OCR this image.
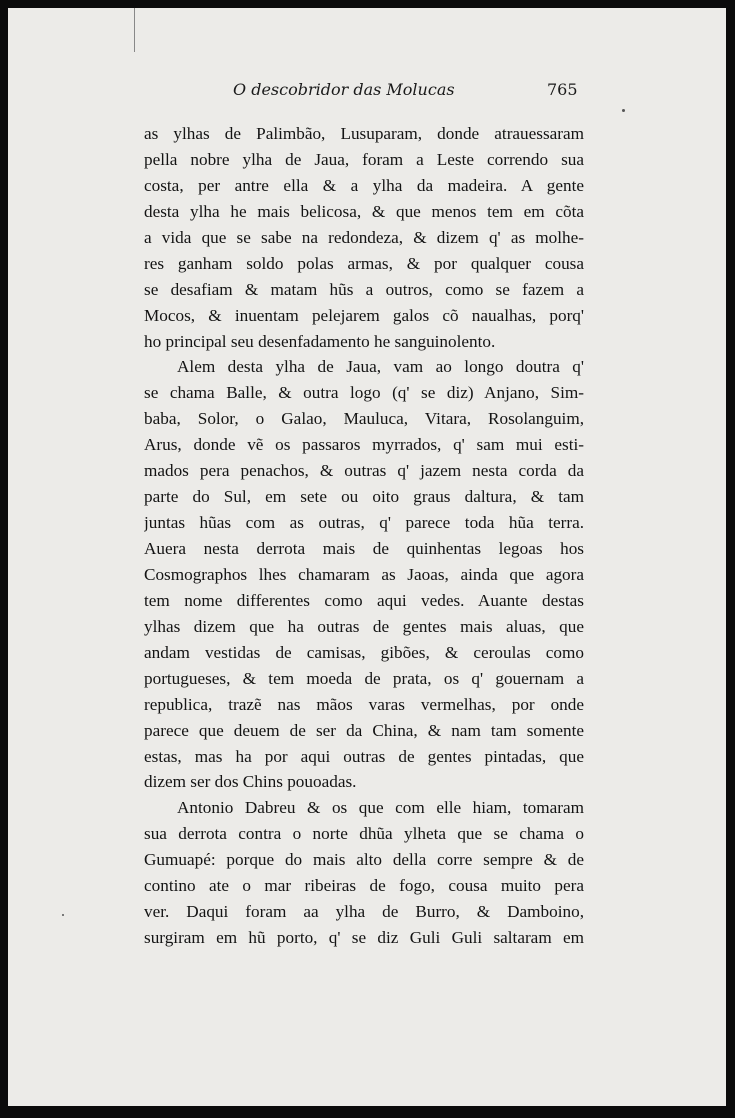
O descobridor das Molucas	765
as ylhas de Palimbão, Lusuparam, donde atrauessaram
pella nobre ylha de Jaua, foram a Leste correndo sua
costa, per antre ella & a ylha da madeira. A gente
desta ylha he mais belicosa, & que menos tem em cõta
a vida que se sabe na redondeza, & dizem q' as molhe-
res ganham soldo polas armas, & por qualquer cousa
se desafiam & matam hũs a outros, como se fazem a
Mocos, & inuentam pelejarem galos cõ naualhas, porq'
ho principal seu desenfadamento he sanguinolento.
Alem desta ylha de Jaua, vam ao longo doutra q'
se chama Balle, & outra logo (q' se diz) Anjano, Sim-
baba, Solor, o Galao, Mauluca, Vitara, Rosolanguim,
Arus, donde vẽ os passaros myrrados, q' sam mui esti-
mados pera penachos, & outras q' jazem nesta corda da
parte do Sul, em sete ou oito graus daltura, & tam
juntas hũas com as outras, q' parece toda hũa terra.
Auera nesta derrota mais de quinhentas legoas hos
Cosmographos lhes chamaram as Jaoas, ainda que agora
tem nome differentes como aqui vedes. Auante destas
ylhas dizem que ha outras de gentes mais aluas, que
andam vestidas de camisas, gibões, & ceroulas como
portugueses, & tem moeda de prata, os q' gouernam a
republica, trazẽ nas mãos varas vermelhas, por onde
parece que deuem de ser da China, & nam tam somente
estas, mas ha por aqui outras de gentes pintadas, que
dizem ser dos Chins pouoadas.
Antonio Dabreu & os que com elle hiam, tomaram
sua derrota contra o norte dhũa ylheta que se chama o
Gumuapé: porque do mais alto della corre sempre & de
contino ate o mar ribeiras de fogo, cousa muito pera
ver. Daqui foram aa ylha de Burro, & Damboino,
surgiram em hũ porto, q' se diz Guli Guli saltaram em
